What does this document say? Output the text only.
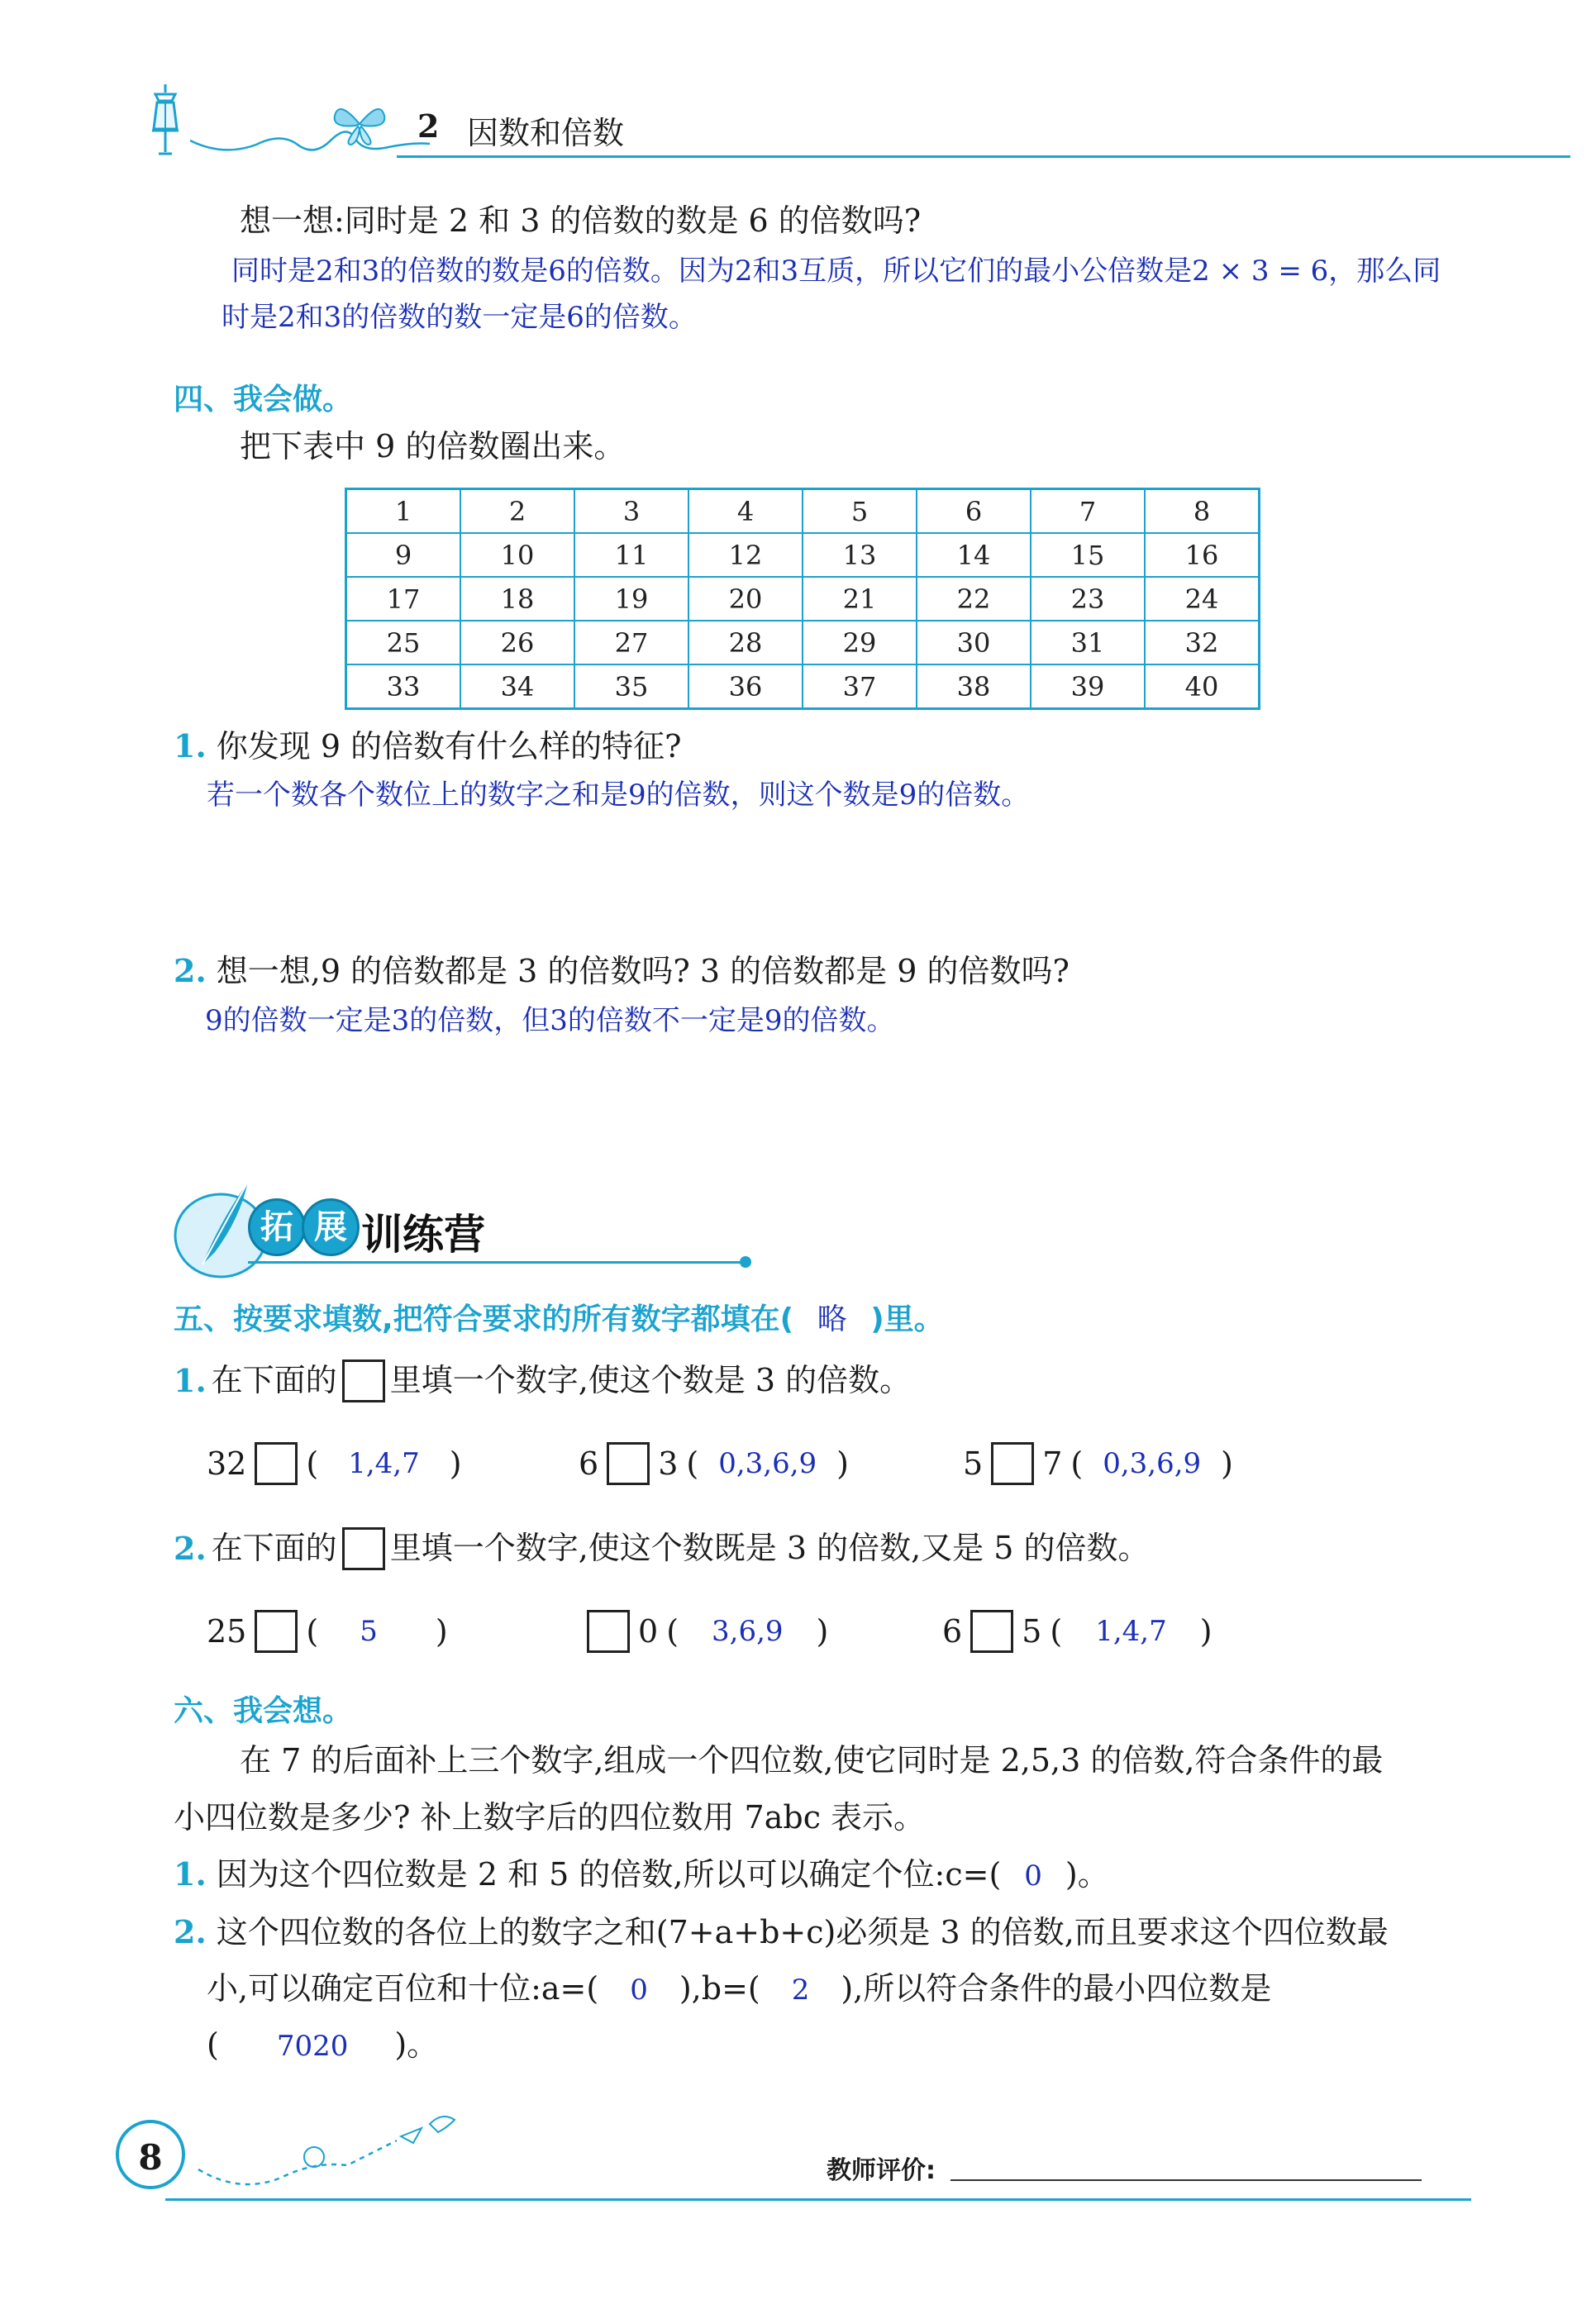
2 因数和倍数
想一想:同时是 2 和 3 的倍数的数是 6 的倍数吗?
同时是2和3的倍数的数是6的倍数。因为2和3互质，所以它们的最小公倍数是2 × 3 = 6，那么同
时是2和3的倍数的数一定是6的倍数。
四、我会做。
把下表中 9 的倍数圈出来。
1	2	3	4	5	6	7	8
9	10	11	12	13	14	15	16
17	18	19	20	21	22	23	24
25	26	27	28	29	30	31	32
33	34	35	36	37	38	39	40
1. 你发现 9 的倍数有什么样的特征?
若一个数各个数位上的数字之和是9的倍数，则这个数是9的倍数。
2. 想一想,9 的倍数都是 3 的倍数吗? 3 的倍数都是 9 的倍数吗?
9的倍数一定是3的倍数，但3的倍数不一定是9的倍数。
拓 展 训练营
五、按要求填数,把符合要求的所有数字都填在( 略 )里。
1. 在下面的 里填一个数字,使这个数是 3 的倍数。
32 (	1,4,7 )	6 3 ( 0,3,6,9 )	5 7 ( 0,3,6,9 )
2. 在下面的 里填一个数字,使这个数既是 3 的倍数,又是 5 的倍数。
25 (	5	)	0 (	3,6,9	)	6 5 (	1,4,7	)
六、我会想。
在 7 的后面补上三个数字,组成一个四位数,使它同时是 2,5,3 的倍数,符合条件的最
小四位数是多少? 补上数字后的四位数用 7abc 表示。
1. 因为这个四位数是 2 和 5 的倍数,所以可以确定个位:c=( 0 )。
2. 这个四位数的各位上的数字之和(7+a+b+c)必须是 3 的倍数,而且要求这个四位数最
小,可以确定百位和十位:a=( 0 ),b=( 2 ),所以符合条件的最小四位数是
( 7020 )。
8	教师评价:
